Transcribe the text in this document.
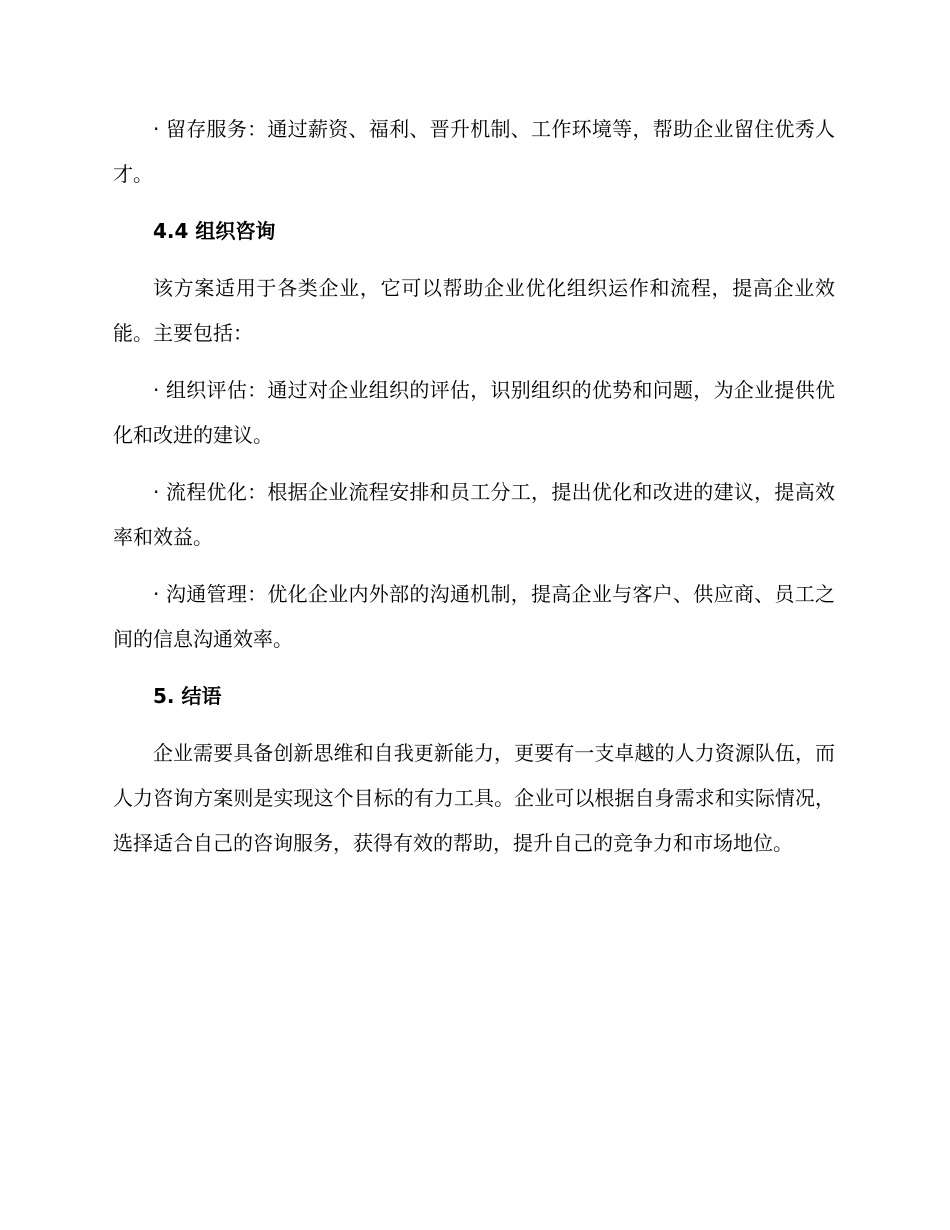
· 留存服务：通过薪资、福利、晋升机制、工作环境等，帮助企业留住优秀人才。

4.4 组织咨询

该方案适用于各类企业，它可以帮助企业优化组织运作和流程，提高企业效能。主要包括：

· 组织评估：通过对企业组织的评估，识别组织的优势和问题，为企业提供优化和改进的建议。

· 流程优化：根据企业流程安排和员工分工，提出优化和改进的建议，提高效率和效益。

· 沟通管理：优化企业内外部的沟通机制，提高企业与客户、供应商、员工之间的信息沟通效率。

5. 结语

企业需要具备创新思维和自我更新能力，更要有一支卓越的人力资源队伍，而人力咨询方案则是实现这个目标的有力工具。企业可以根据自身需求和实际情况，选择适合自己的咨询服务，获得有效的帮助，提升自己的竞争力和市场地位。
